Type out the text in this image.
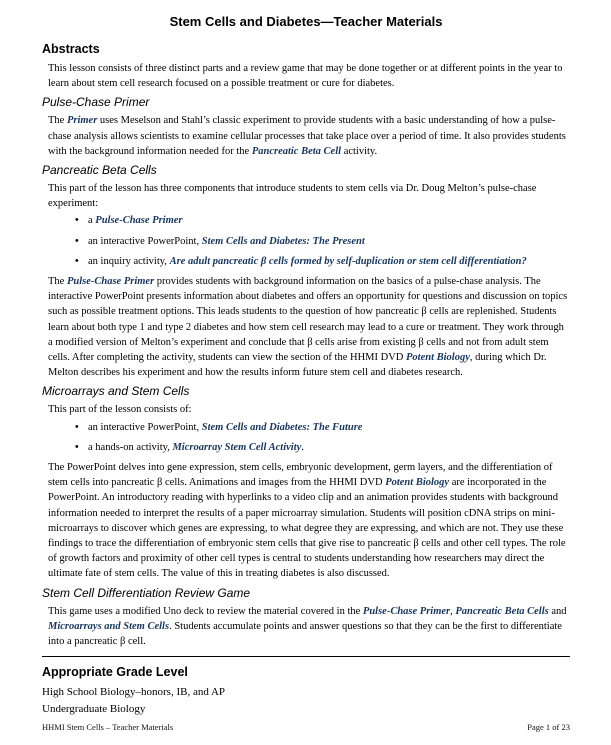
Stem Cells and Diabetes—Teacher Materials
Abstracts

This lesson consists of three distinct parts and a review game that may be done together or at different points in the year to learn about stem cell research focused on a possible treatment or cure for diabetes.

Pulse-Chase Primer

The Primer uses Meselson and Stahl’s classic experiment to provide students with a basic understanding of how a pulse-chase analysis allows scientists to examine cellular processes that take place over a period of time. It also provides students with the background information needed for the Pancreatic Beta Cell activity.

Pancreatic Beta Cells

This part of the lesson has three components that introduce students to stem cells via Dr. Doug Melton’s pulse-chase experiment:

• a Pulse-Chase Primer
• an interactive PowerPoint, Stem Cells and Diabetes: The Present
• an inquiry activity, Are adult pancreatic β cells formed by self-duplication or stem cell differentiation?

The Pulse-Chase Primer provides students with background information on the basics of a pulse-chase analysis. The interactive PowerPoint presents information about diabetes and offers an opportunity for questions and discussion on topics such as possible treatment options. This leads students to the question of how pancreatic β cells are replenished. Students learn about both type 1 and type 2 diabetes and how stem cell research may lead to a cure or treatment. They work through a modified version of Melton’s experiment and conclude that β cells arise from existing β cells and not from adult stem cells. After completing the activity, students can view the section of the HHMI DVD Potent Biology, during which Dr. Melton describes his experiment and how the results inform future stem cell and diabetes research.

Microarrays and Stem Cells

This part of the lesson consists of:

• an interactive PowerPoint, Stem Cells and Diabetes: The Future
• a hands-on activity, Microarray Stem Cell Activity.

The PowerPoint delves into gene expression, stem cells, embryonic development, germ layers, and the differentiation of stem cells into pancreatic β cells. Animations and images from the HHMI DVD Potent Biology are incorporated in the PowerPoint. An introductory reading with hyperlinks to a video clip and an animation provides students with background information needed to interpret the results of a paper microarray simulation. Students will position cDNA strips on mini-microarrays to discover which genes are expressing, to what degree they are expressing, and which are not. They use these findings to trace the differentiation of embryonic stem cells that give rise to pancreatic β cells and other cell types. The role of growth factors and proximity of other cell types is central to students understanding how researchers may direct the ultimate fate of stem cells. The value of this in treating diabetes is also discussed.

Stem Cell Differentiation Review Game

This game uses a modified Uno deck to review the material covered in the Pulse-Chase Primer, Pancreatic Beta Cells and Microarrays and Stem Cells. Students accumulate points and answer questions so that they can be the first to differentiate into a pancreatic β cell.

Appropriate Grade Level

High School Biology–honors, IB, and AP

Undergraduate Biology

HHMI Stem Cells – Teacher Materials	Page 1 of 23
